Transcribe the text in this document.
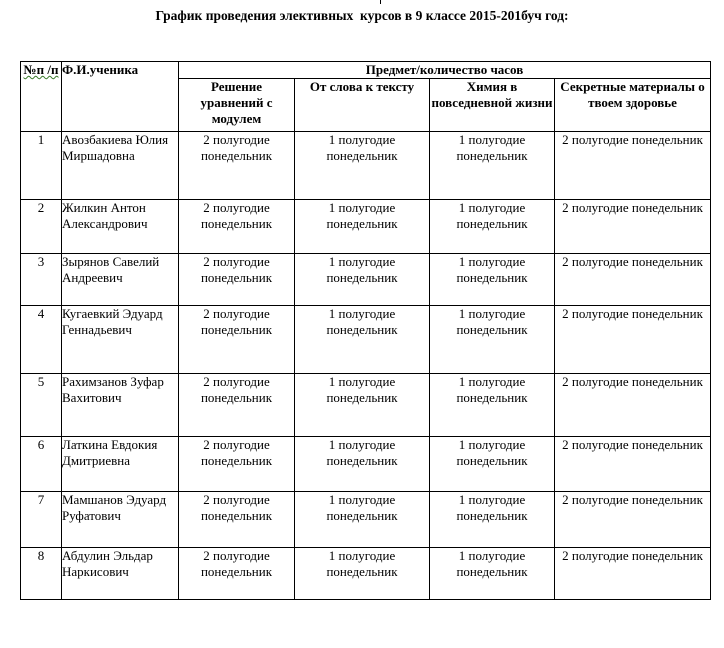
График проведения элективных  курсов в 9 классе 2015-201буч год:
№п /п	Ф.И.ученика	Предмет/количество часов			
		Решение уравнений с модулем	От слова к тексту	Химия в повседневной жизни	Секретные материалы о твоем здоровье
1	Авозбакиева Юлия Миршадовна	2 полугодие понедельник	1 полугодие понедельник	1 полугодие понедельник	2 полугодие понедельник
2	Жилкин Антон Александрович	2 полугодие понедельник	1 полугодие понедельник	1 полугодие понедельник	2 полугодие понедельник
3	Зырянов Савелий Андреевич	2 полугодие понедельник	1 полугодие понедельник	1 полугодие понедельник	2 полугодие понедельник
4	Кугаевкий Эдуард Геннадьевич	2 полугодие понедельник	1 полугодие понедельник	1 полугодие понедельник	2 полугодие понедельник
5	Рахимзанов Зуфар Вахитович	2 полугодие понедельник	1 полугодие понедельник	1 полугодие понедельник	2 полугодие понедельник
6	Латкина Евдокия Дмитриевна	2 полугодие понедельник	1 полугодие понедельник	1 полугодие понедельник	2 полугодие понедельник
7	Мамшанов Эдуард Руфатович	2 полугодие понедельник	1 полугодие понедельник	1 полугодие понедельник	2 полугодие понедельник
8	Абдулин Эльдар Наркисович	2 полугодие понедельник	1 полугодие понедельник	1 полугодие понедельник	2 полугодие понедельник
